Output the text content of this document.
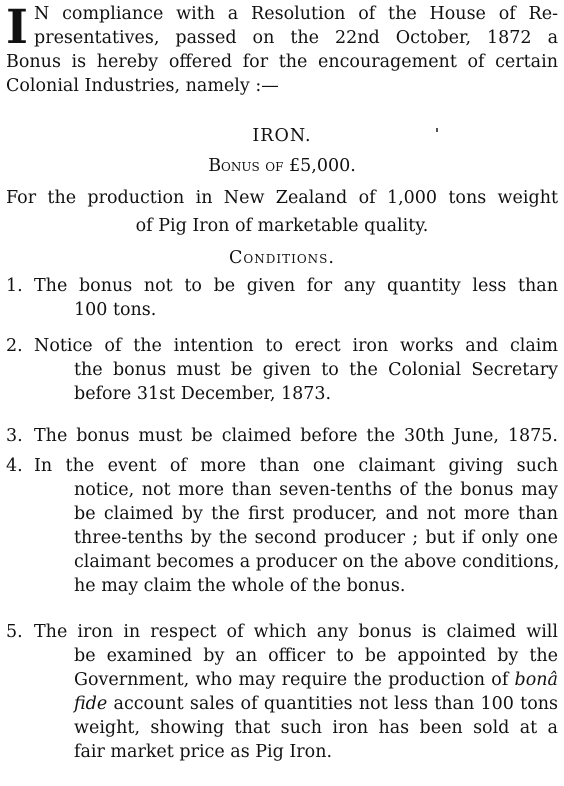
I N compliance with a Resolution of the House of Re-
presentatives, passed on the 22nd October, 1872 a
Bonus is hereby offered for the encouragement of certain
Colonial Industries, namely :—
IRON.
Bonus of £5,000.
For the production in New Zealand of 1,000 tons weight
of Pig Iron of marketable quality.
Conditions.
1. The bonus not to be given for any quantity less than
100 tons.
2. Notice of the intention to erect iron works and claim
the bonus must be given to the Colonial Secretary
before 31st December, 1873.
3. The bonus must be claimed before the 30th June, 1875.
4. In the event of more than one claimant giving such
notice, not more than seven-tenths of the bonus may
be claimed by the first producer, and not more than
three-tenths by the second producer ; but if only one
claimant becomes a producer on the above conditions,
he may claim the whole of the bonus.
5. The iron in respect of which any bonus is claimed will
be examined by an officer to be appointed by the
Government, who may require the production of bonâ
fide account sales of quantities not less than 100 tons
weight, showing that such iron has been sold at a
fair market price as Pig Iron.
